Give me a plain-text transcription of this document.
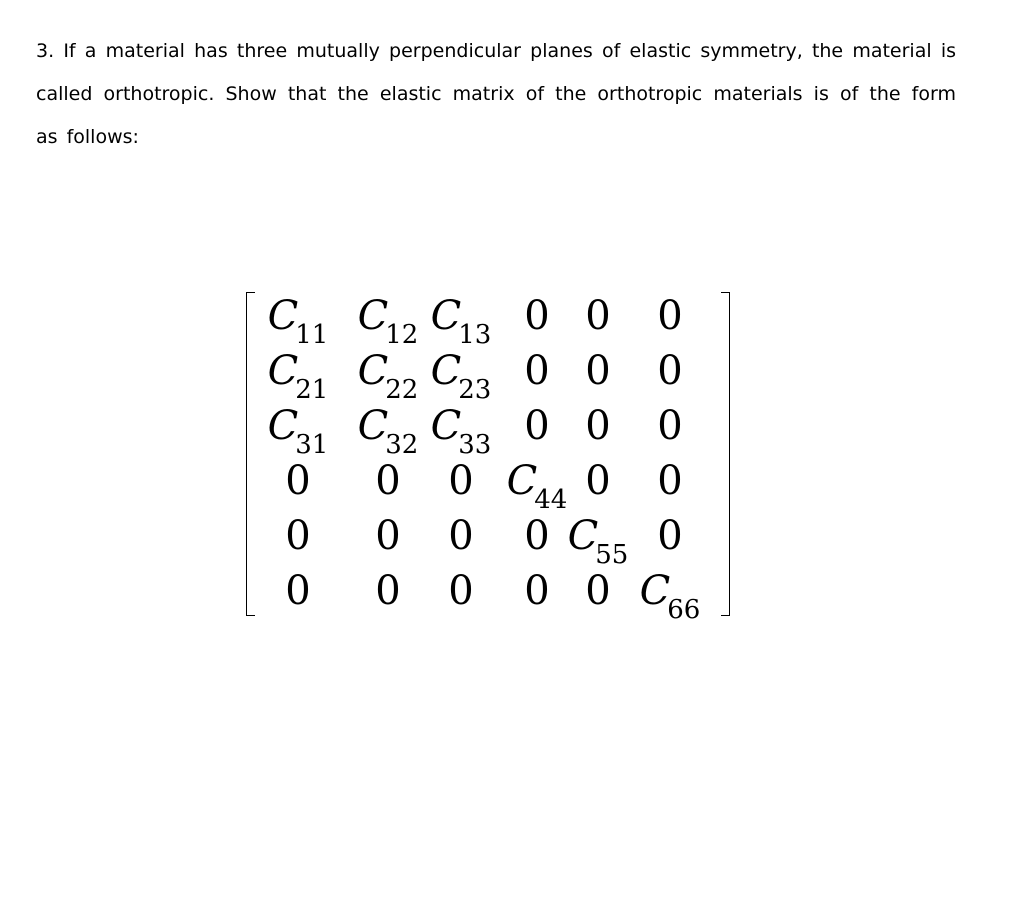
3. If a material has three mutually perpendicular planes of elastic symmetry, the material is called orthotropic. Show that the elastic matrix of the orthotropic materials is of the form as follows:
$C_{11}$ $C_{12}$ $C_{13}$ 0 0 0
$C_{21}$ $C_{22}$ $C_{23}$ 0 0 0
$C_{31}$ $C_{32}$ $C_{33}$ 0 0 0
0 0 0 $C_{44}$ 0 0
0 0 0 0 $C_{55}$ 0
0 0 0 0 0 $C_{66}$
